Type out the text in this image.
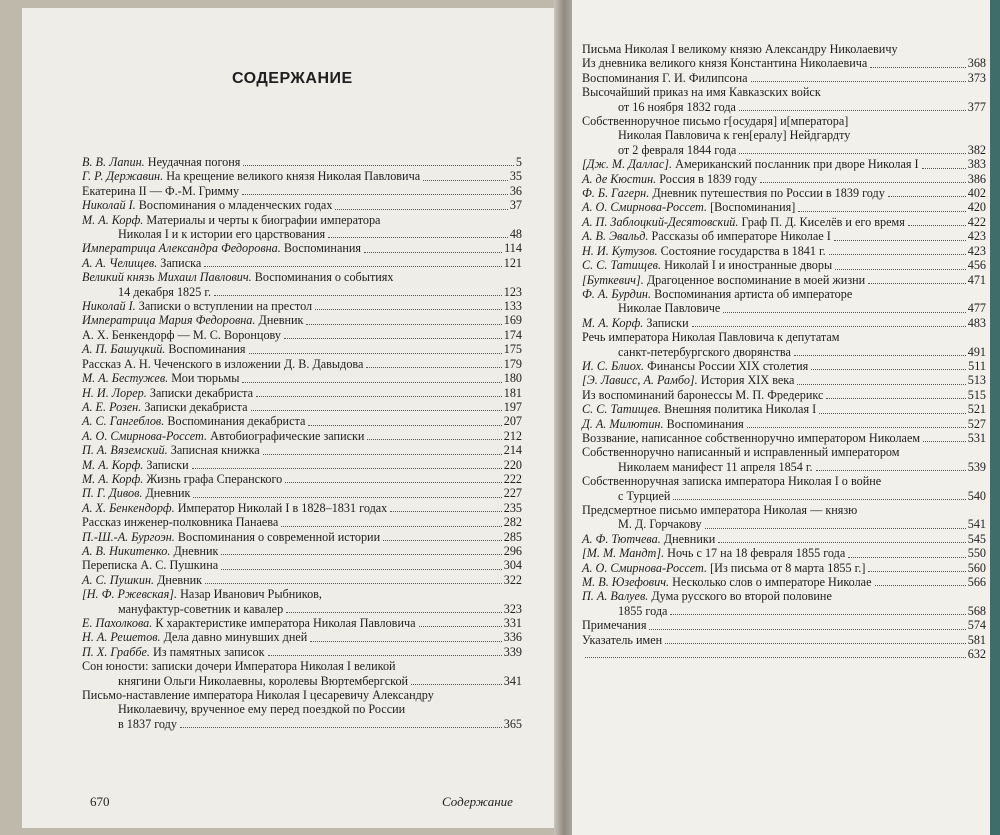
СОДЕРЖАНИЕ
В. В. Лапин. Неудачная погоня	5
Г. Р. Державин. На крещение великого князя Николая Павловича	35
Екатерина II — Ф.-М. Гримму	36
Николай I. Воспоминания о младенческих годах	37
М. А. Корф. Материалы и черты к биографии императора
Николая I и к истории его царствования	48
Императрица Александра Федоровна. Воспоминания	114
А. А. Челищев. Записка	121
Великий князь Михаил Павлович. Воспоминания о событиях
14 декабря 1825 г.	123
Николай I. Записки о вступлении на престол	133
Императрица Мария Федоровна. Дневник	169
А. Х. Бенкендорф — М. С. Воронцову	174
А. П. Башуцкий. Воспоминания	175
Рассказ А. Н. Чеченского в изложении Д. В. Давыдова	179
М. А. Бестужев. Мои тюрьмы	180
Н. И. Лорер. Записки декабриста	181
А. Е. Розен. Записки декабриста	197
А. С. Гангеблов. Воспоминания декабриста	207
А. О. Смирнова-Россет. Автобиографические записки	212
П. А. Вяземский. Записная книжка	214
М. А. Корф. Записки	220
М. А. Корф. Жизнь графа Сперанского	222
П. Г. Дивов. Дневник	227
А. Х. Бенкендорф. Император Николай I в 1828–1831 годах	235
Рассказ инженер-полковника Панаева	282
П.-Ш.-А. Бургоэн. Воспоминания о современной истории	285
А. В. Никитенко. Дневник	296
Переписка А. С. Пушкина	304
А. С. Пушкин. Дневник	322
[Н. Ф. Ржевская]. Назар Иванович Рыбников,
мануфактур-советник и кавалер	323
Е. Пахолкова. К характеристике императора Николая Павловича	331
Н. А. Решетов. Дела давно минувших дней	336
П. Х. Граббе. Из памятных записок	339
Сон юности: записки дочери Императора Николая I великой
княгини Ольги Николаевны, королевы Вюртембергской	341
Письмо-наставление императора Николая I цесаревичу Александру
Николаевичу, врученное ему перед поездкой по России
в 1837 году	365
670	Содержание
Письма Николая I великому князю Александру Николаевичу
Из дневника великого князя Константина Николаевича	368
Воспоминания Г. И. Филипсона	373
Высочайший приказ на имя Кавказских войск
от 16 ноября 1832 года	377
Собственноручное письмо г[осударя] и[мператора]
Николая Павловича к ген[ералу] Нейдгардту
от 2 февраля 1844 года	382
[Дж. М. Даллас]. Американский посланник при дворе Николая I	383
А. де Кюстин. Россия в 1839 году	386
Ф. Б. Гагерн. Дневник путешествия по России в 1839 году	402
А. О. Смирнова-Россет. [Воспоминания]	420
А. П. Заблоцкий-Десятовский. Граф П. Д. Киселёв и его время	422
А. В. Эвальд. Рассказы об императоре Николае I	423
Н. И. Кутузов. Состояние государства в 1841 г.	423
С. С. Татищев. Николай I и иностранные дворы	456
[Буткевич]. Драгоценное воспоминание в моей жизни	471
Ф. А. Бурдин. Воспоминания артиста об императоре
Николае Павловиче	477
М. А. Корф. Записки	483
Речь императора Николая Павловича к депутатам
санкт-петербургского дворянства	491
И. С. Блиох. Финансы России XIX столетия	511
[Э. Лависс, А. Рамбо]. История XIX века	513
Из воспоминаний баронессы М. П. Фредерикс	515
С. С. Татищев. Внешняя политика Николая I	521
Д. А. Милютин. Воспоминания	527
Воззвание, написанное собственноручно императором Николаем	531
Собственноручно написанный и исправленный императором
Николаем манифест 11 апреля 1854 г.	539
Собственноручная записка императора Николая I о войне
с Турцией	540
Предсмертное письмо императора Николая — князю
М. Д. Горчакову	541
А. Ф. Тютчева. Дневники	545
[М. М. Мандт]. Ночь с 17 на 18 февраля 1855 года	550
А. О. Смирнова-Россет. [Из письма от 8 марта 1855 г.]	560
М. В. Юзефович. Несколько слов о императоре Николае	566
П. А. Валуев. Дума русского во второй половине
1855 года	568
Примечания	574
Указатель имен	581
632
